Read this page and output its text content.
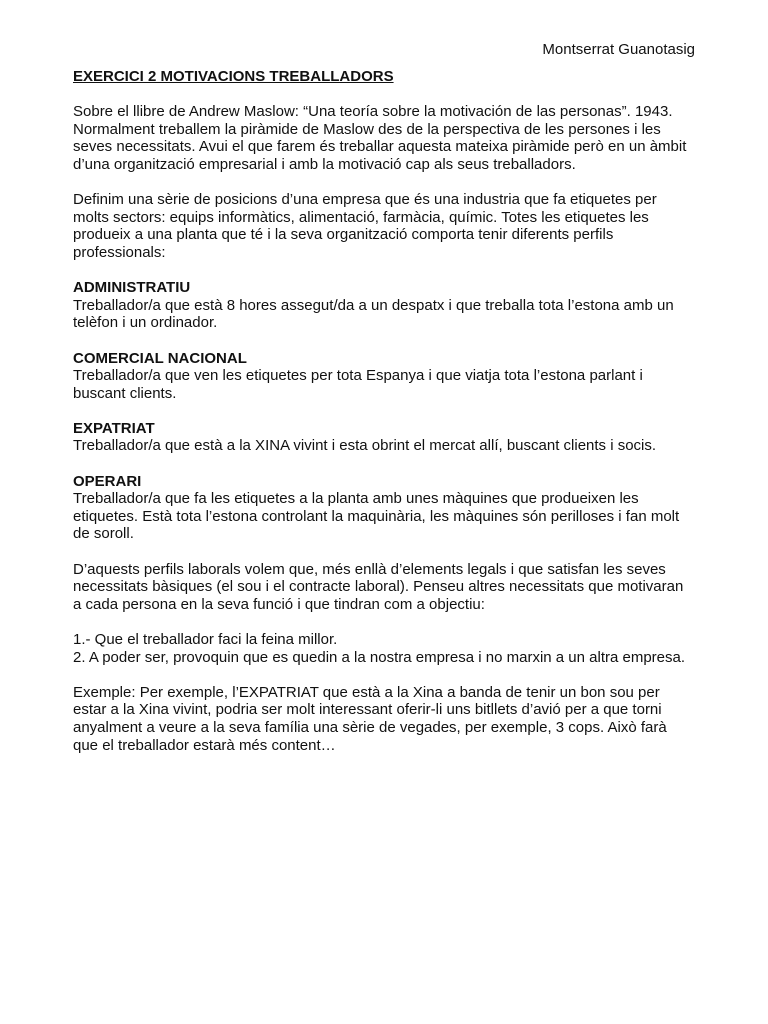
Montserrat Guanotasig

EXERCICI 2 MOTIVACIONS TREBALLADORS

Sobre el llibre de Andrew Maslow: “Una teoría sobre la motivación de las personas”. 1943.

Normalment treballem la piràmide de Maslow des de la perspectiva de les persones i les seves necessitats. Avui el que farem és treballar aquesta mateixa piràmide però en un àmbit d’una organització empresarial i amb la motivació cap als seus treballadors.

Definim una sèrie de posicions d’una empresa que és una industria que fa etiquetes per molts sectors: equips informàtics, alimentació, farmàcia, químic. Totes les etiquetes les produeix a una planta que té i la seva organització comporta tenir diferents perfils professionals:

ADMINISTRATIU

Treballador/a que està 8 hores assegut/da a un despatx i que treballa tota l’estona amb un telèfon i un ordinador.

COMERCIAL NACIONAL

Treballador/a que ven les etiquetes per tota Espanya i que viatja tota l’estona parlant i buscant clients.

EXPATRIAT

Treballador/a que està a la XINA vivint i esta obrint el mercat allí, buscant clients i socis.

OPERARI

Treballador/a que fa les etiquetes a la planta amb unes màquines que produeixen les etiquetes. Està tota l’estona controlant la maquinària, les màquines són perilloses i fan molt de soroll.

D’aquests perfils laborals volem que, més enllà d’elements legals i que satisfan les seves necessitats bàsiques (el sou i el contracte laboral). Penseu altres necessitats que motivaran a cada persona en la seva funció i que tindran com a objectiu:

1.- Que el treballador faci la feina millor.

2. A poder ser, provoquin que es quedin a la nostra empresa i no marxin a un altra empresa.

Exemple: Per exemple, l’EXPATRIAT que està a la Xina a banda de tenir un bon sou per estar a la Xina vivint, podria ser molt interessant oferir-li uns bitllets d’avió per a que torni anyalment a veure a la seva família una sèrie de vegades, per exemple, 3 cops. Això farà que el treballador estarà més content…
